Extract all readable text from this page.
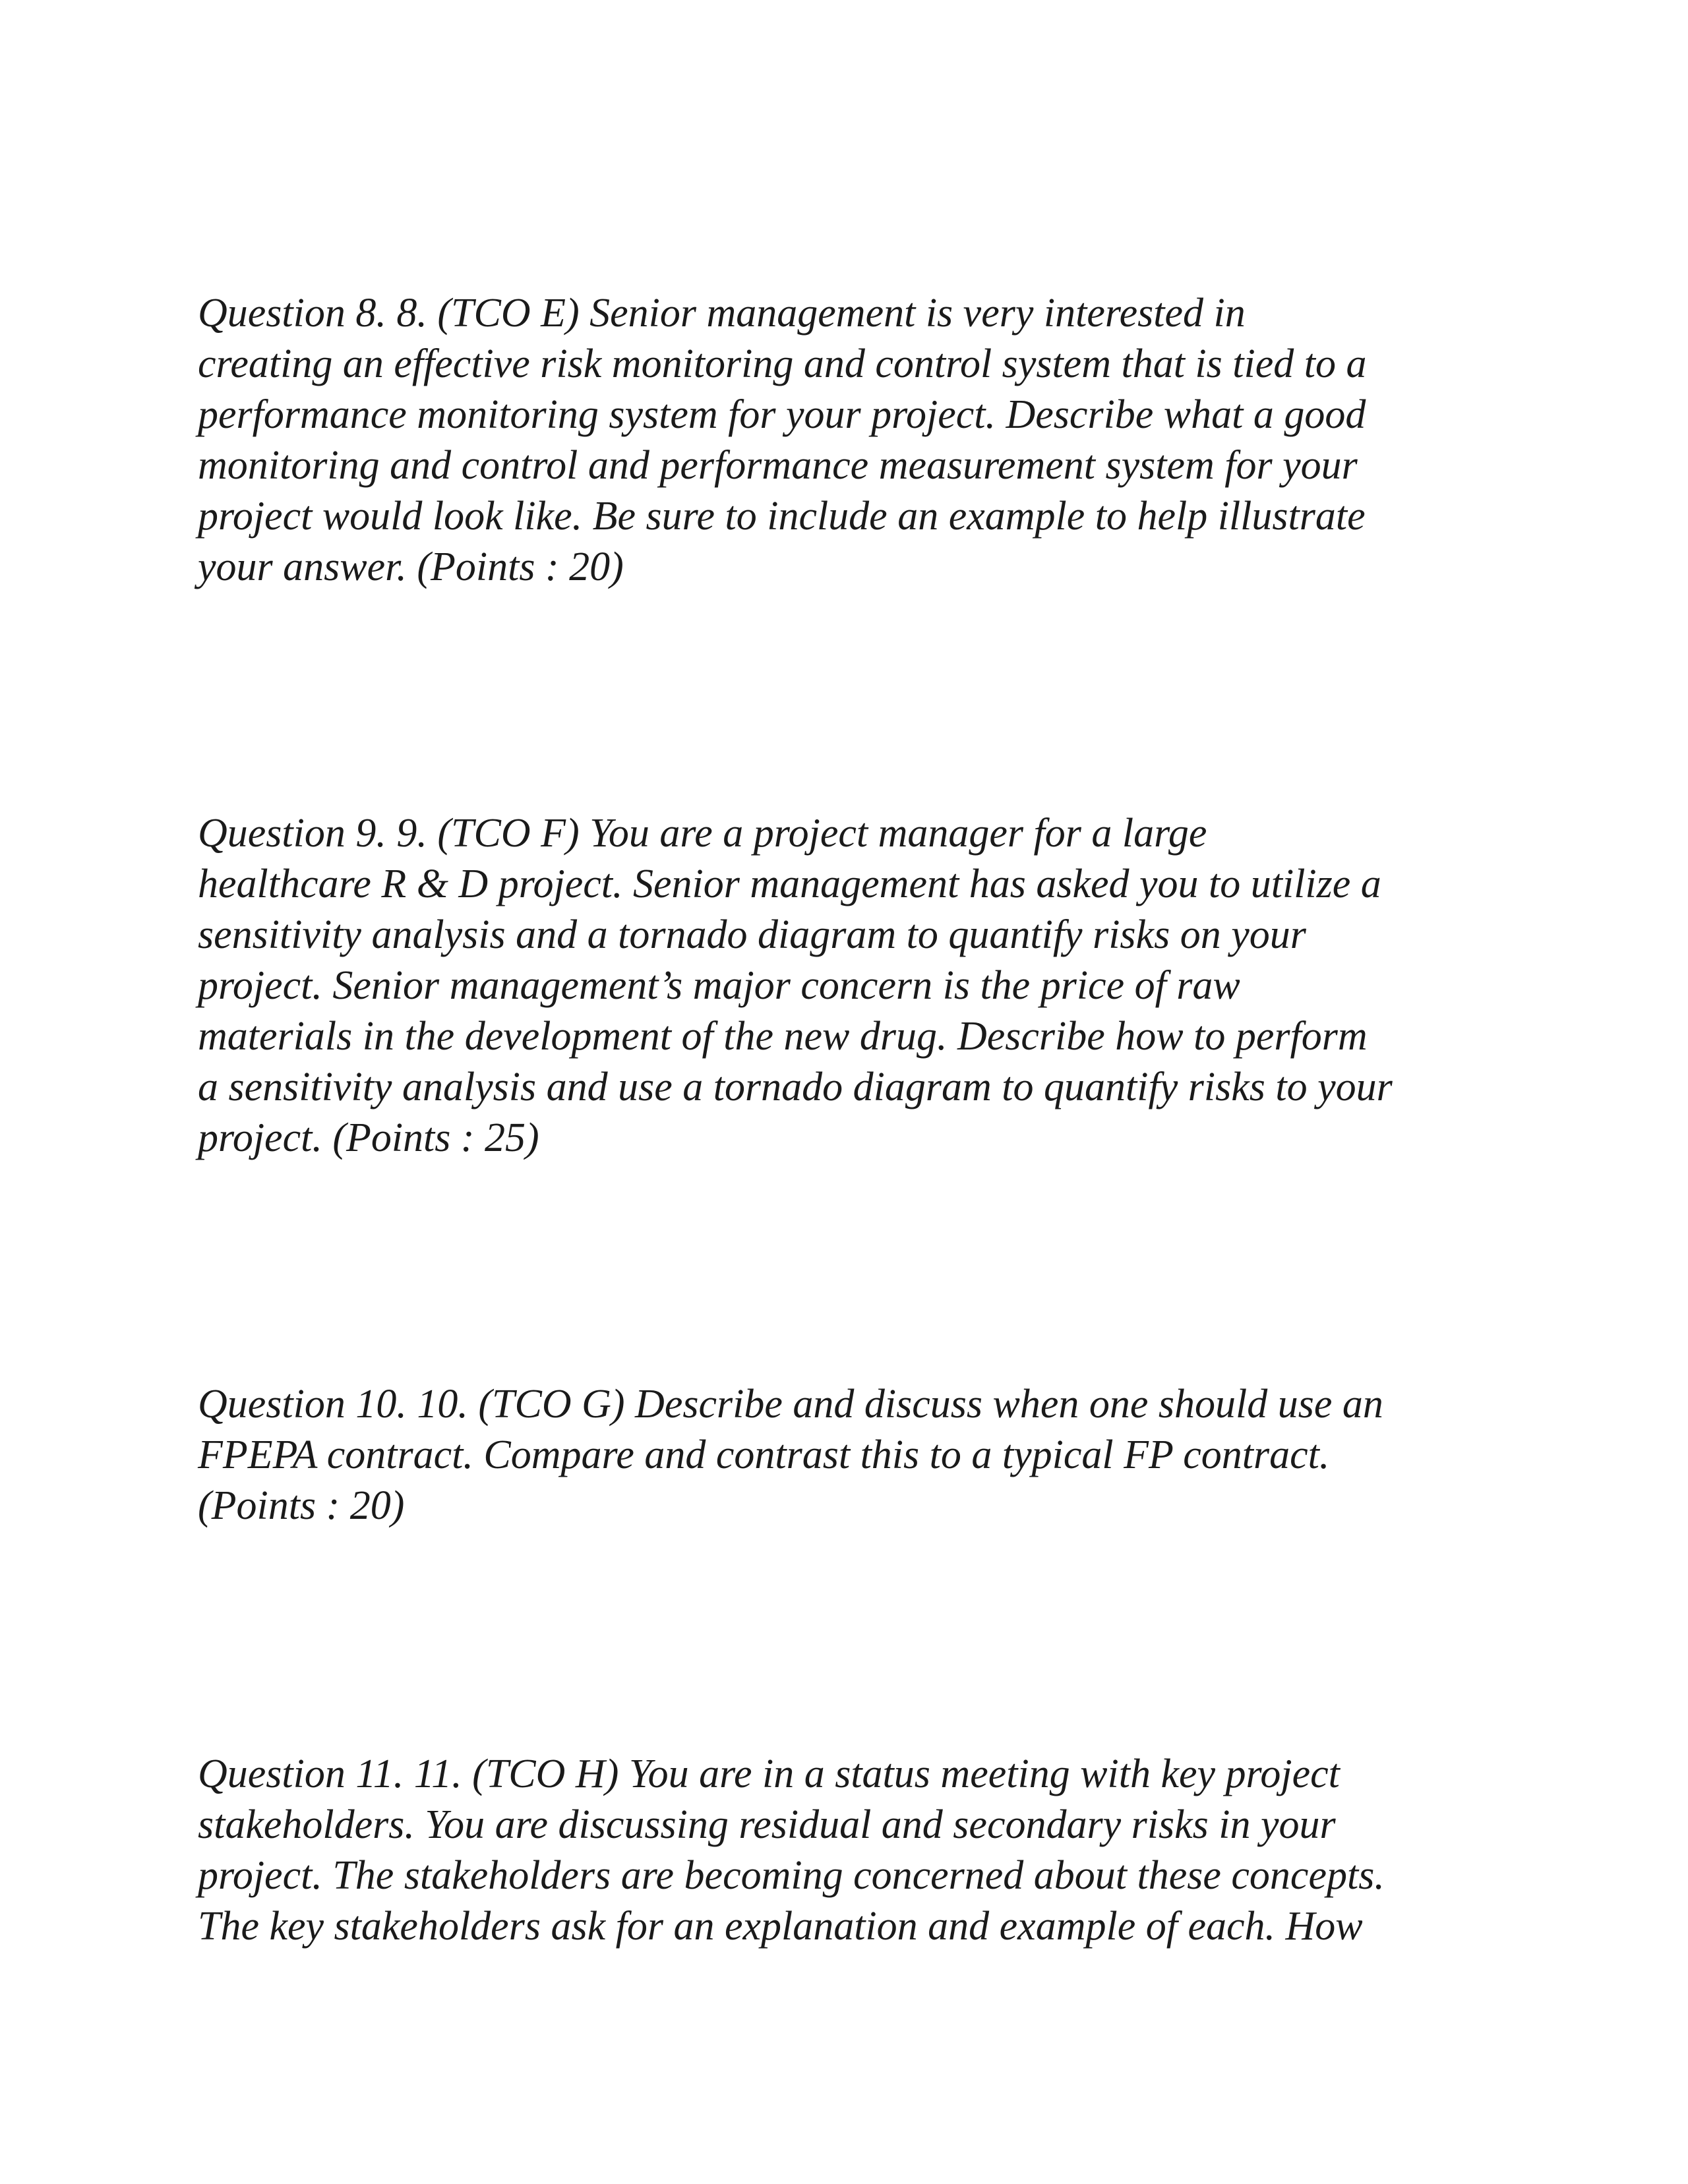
Question 8. 8. (TCO E) Senior management is very interested in
creating an effective risk monitoring and control system that is tied to a
performance monitoring system for your project. Describe what a good
monitoring and control and performance measurement system for your
project would look like. Be sure to include an example to help illustrate
your answer. (Points : 20)

Question 9. 9. (TCO F) You are a project manager for a large
healthcare R & D project. Senior management has asked you to utilize a
sensitivity analysis and a tornado diagram to quantify risks on your
project. Senior management’s major concern is the price of raw
materials in the development of the new drug. Describe how to perform
a sensitivity analysis and use a tornado diagram to quantify risks to your
project. (Points : 25)

Question 10. 10. (TCO G) Describe and discuss when one should use an
FPEPA contract. Compare and contrast this to a typical FP contract.
(Points : 20)

Question 11. 11. (TCO H) You are in a status meeting with key project
stakeholders. You are discussing residual and secondary risks in your
project. The stakeholders are becoming concerned about these concepts.
The key stakeholders ask for an explanation and example of each. How
